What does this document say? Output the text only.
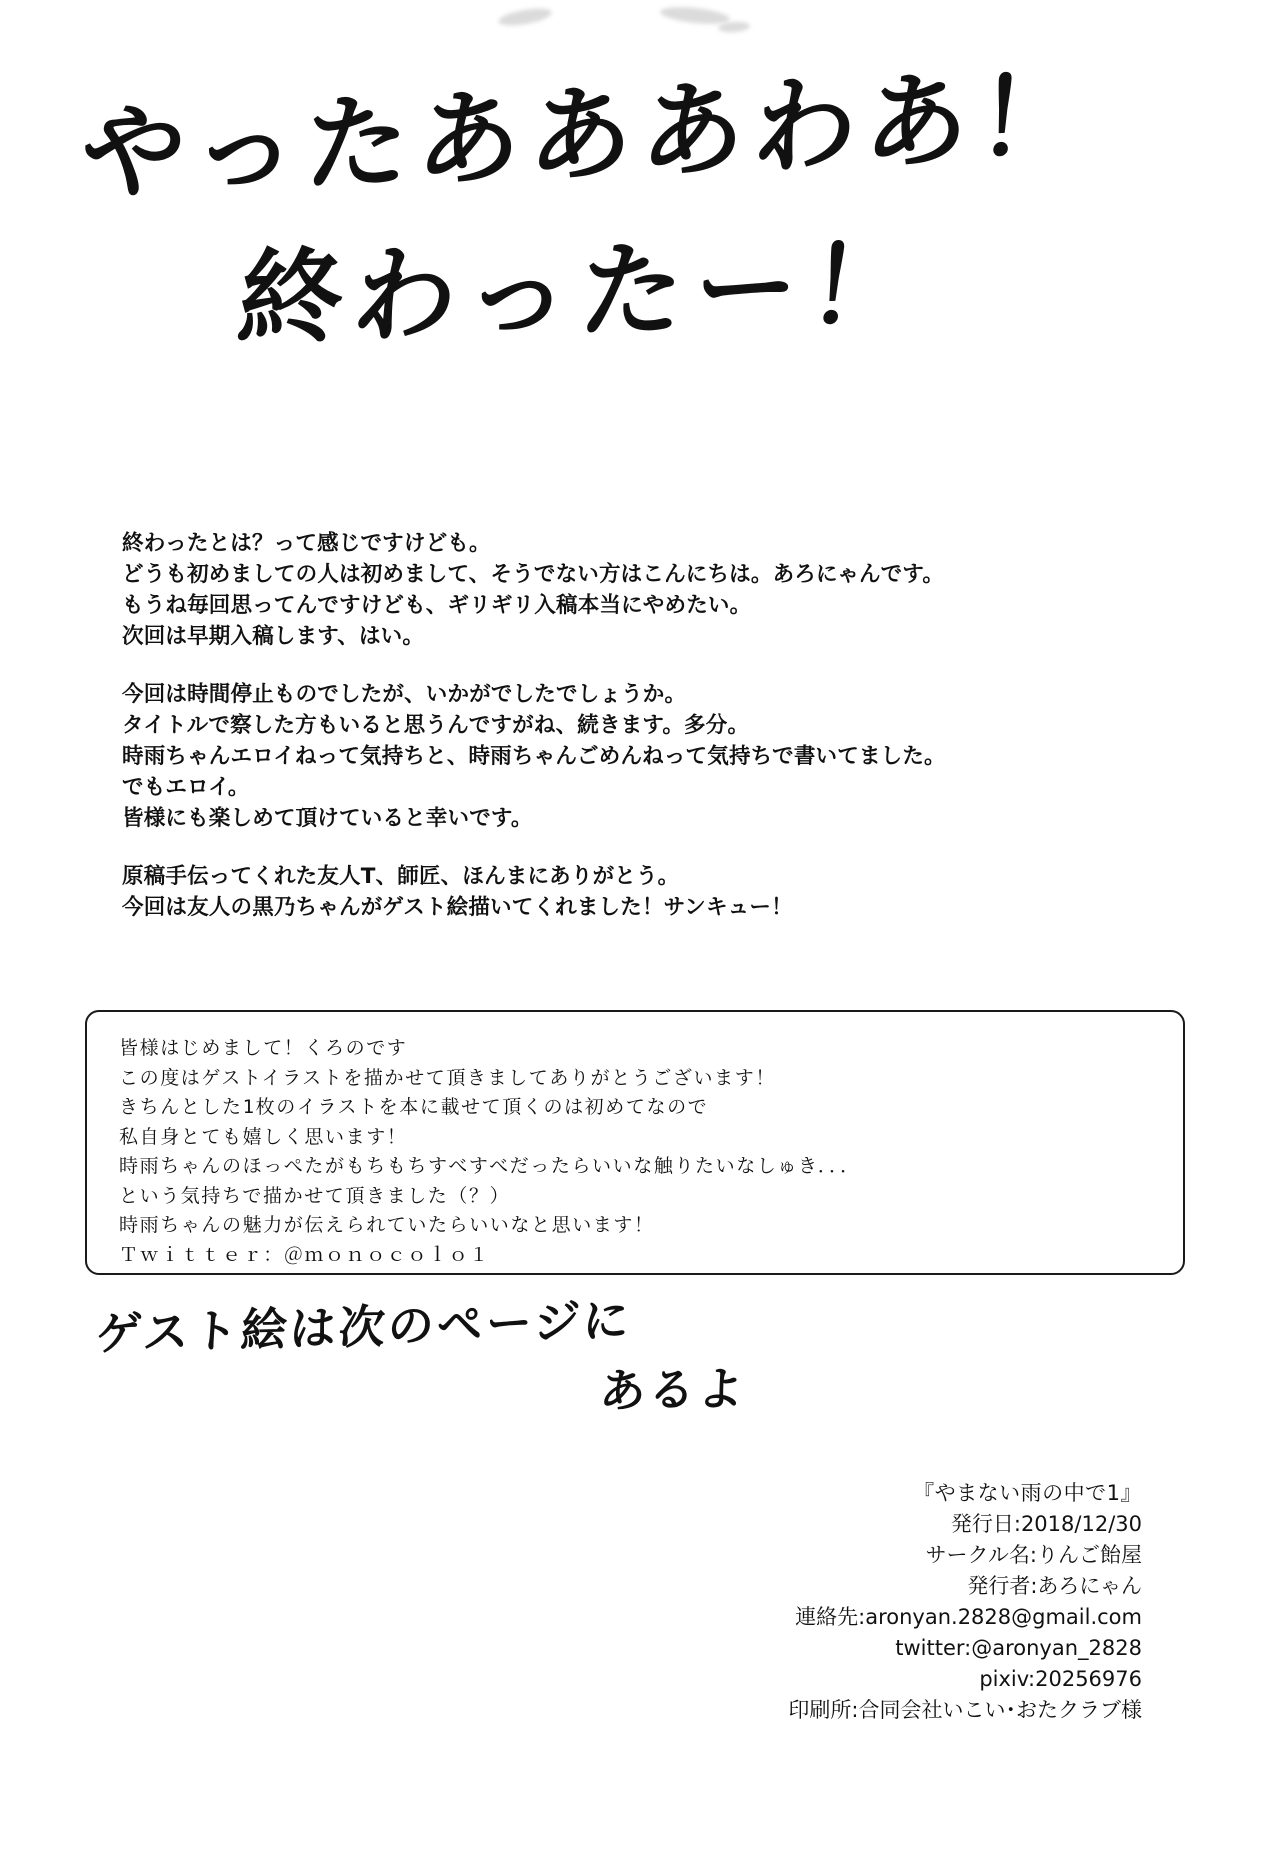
やったあああわあ！
終わったー！

終わったとは？って感じですけども。

どうも初めましての人は初めまして、そうでない方はこんにちは。あろにゃんです。

もうね毎回思ってんですけども、ギリギリ入稿本当にやめたい。

次回は早期入稿します、はい。

今回は時間停止ものでしたが、いかがでしたでしょうか。

タイトルで察した方もいると思うんですがね、続きます。多分。

時雨ちゃんエロイねって気持ちと、時雨ちゃんごめんねって気持ちで書いてました。

でもエロイ。

皆様にも楽しめて頂けていると幸いです。

原稿手伝ってくれた友人T、師匠、ほんまにありがとう。

今回は友人の黒乃ちゃんがゲスト絵描いてくれました！サンキュー！

皆様はじめまして！くろのです

この度はゲストイラストを描かせて頂きましてありがとうございます！

きちんとした1枚のイラストを本に載せて頂くのは初めてなので

私自身とても嬉しく思います！

時雨ちゃんのほっぺたがもちもちすべすべだったらいいな触りたいなしゅき．．．

という気持ちで描かせて頂きました（？）

時雨ちゃんの魅力が伝えられていたらいいなと思います！

Ｔｗｉｔｔｅｒ：＠ｍｏｎｏｃｏｌｏ１

ゲスト絵は次のページに
あるよ
『やまない雨の中で1』
発行日:2018/12/30
サークル名:りんご飴屋
発行者:あろにゃん
連絡先:aronyan.2828@gmail.com
twitter:@aronyan_2828
pixiv:20256976
印刷所:合同会社いこい･おたクラブ様
